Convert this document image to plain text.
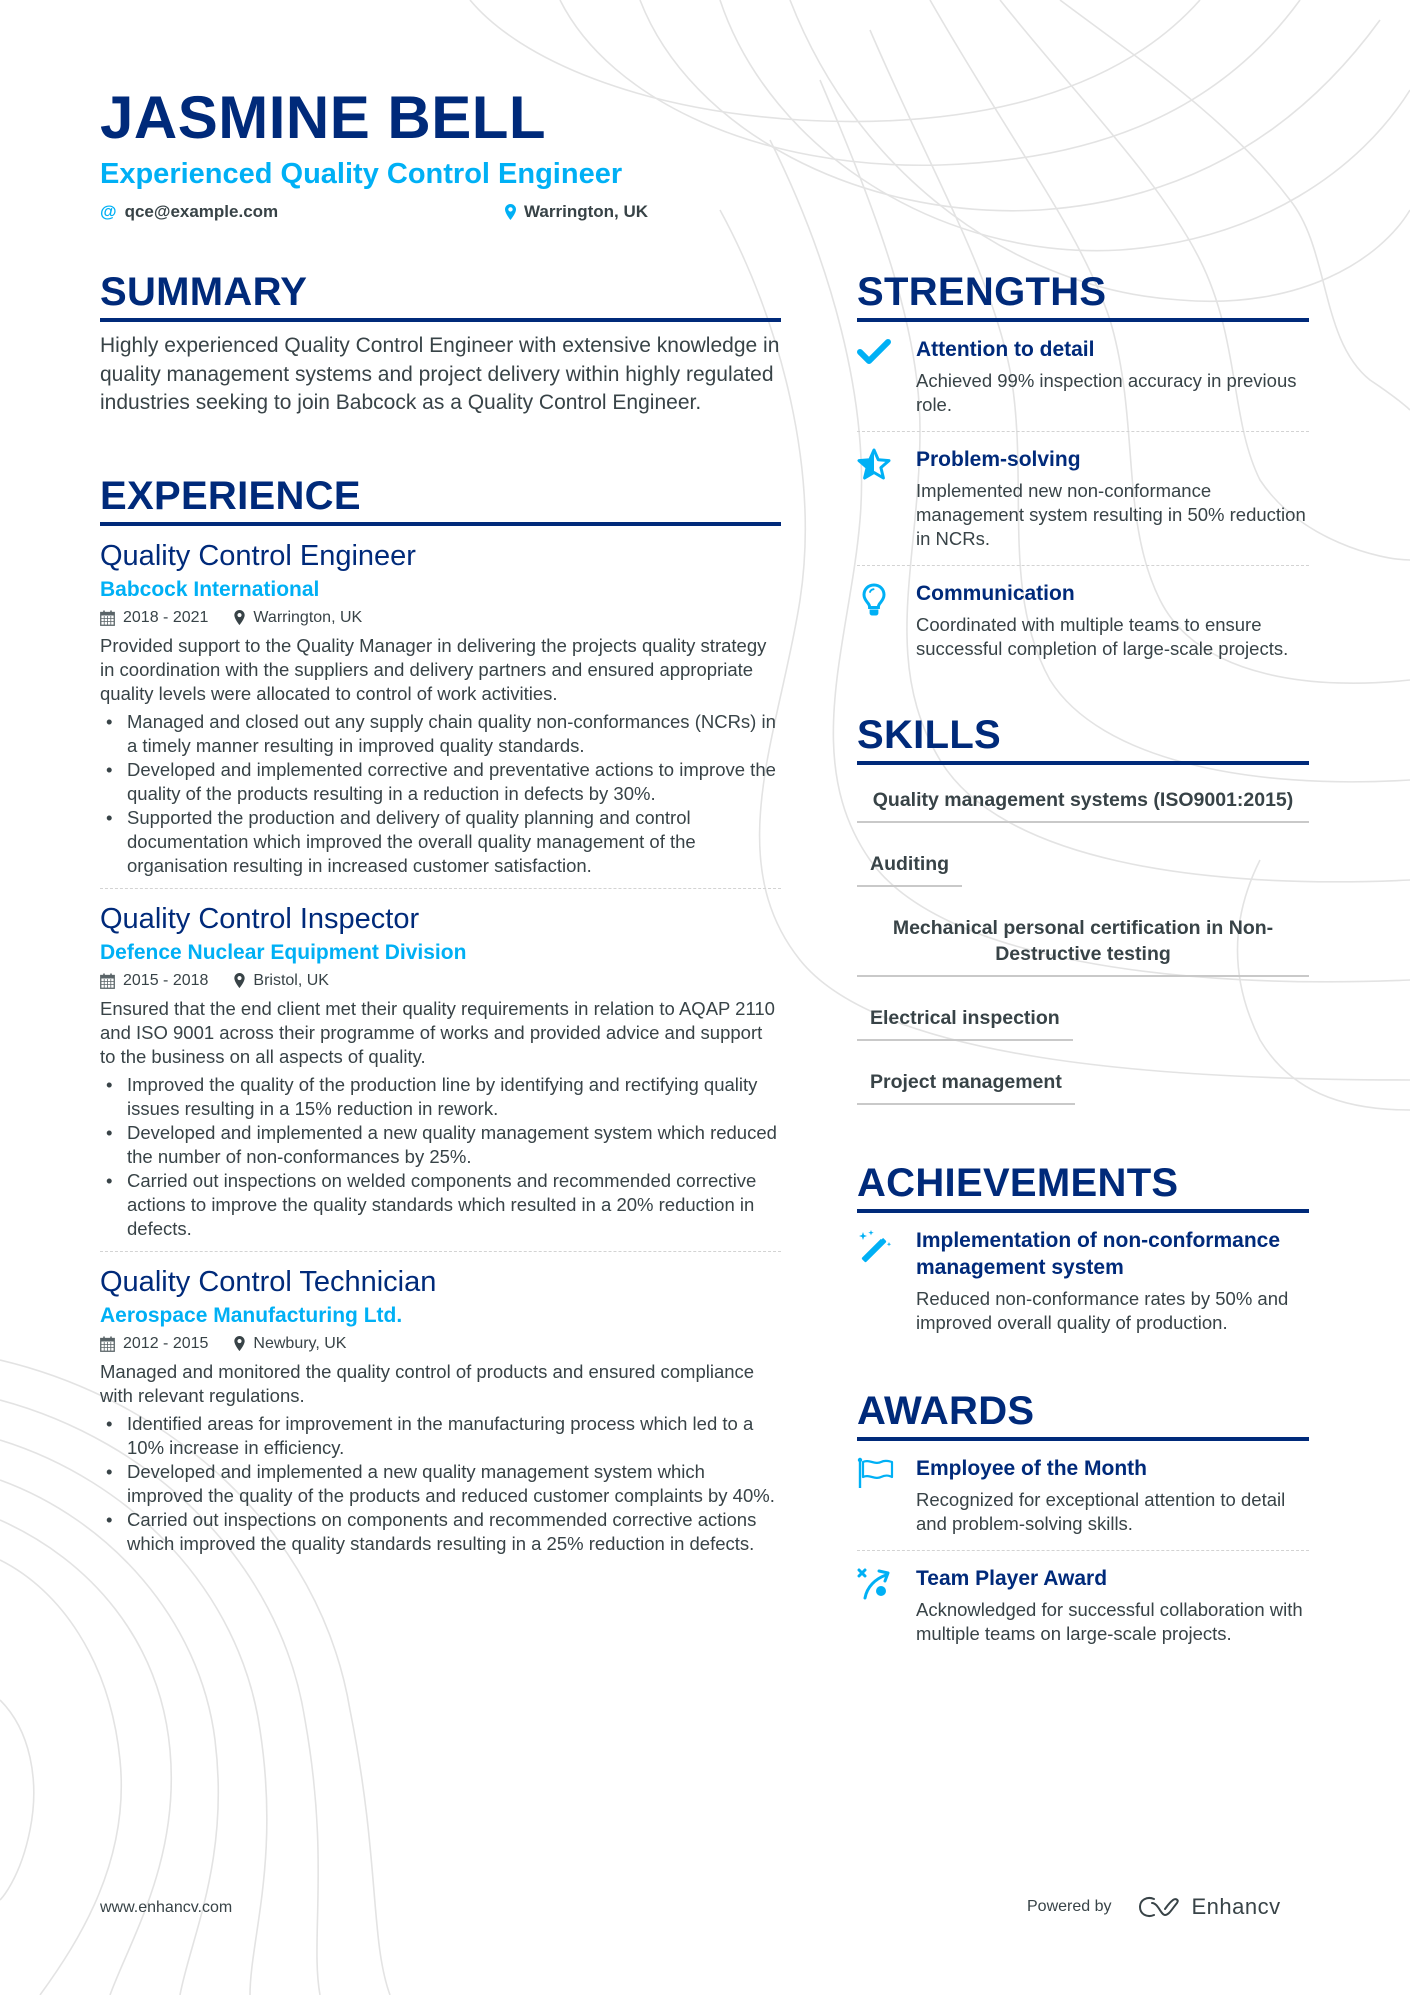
JASMINE BELL
Experienced Quality Control Engineer
@ qce@example.com	Warrington, UK
SUMMARY

Highly experienced Quality Control Engineer with extensive knowledge in quality management systems and project delivery within highly regulated industries seeking to join Babcock as a Quality Control Engineer.

EXPERIENCE
Quality Control Engineer
Babcock International
2018 - 2021	Warrington, UK

Provided support to the Quality Manager in delivering the projects quality strategy in coordination with the suppliers and delivery partners and ensured appropriate quality levels were allocated to control of work activities.

• Managed and closed out any supply chain quality non-conformances (NCRs) in a timely manner resulting in improved quality standards.
• Developed and implemented corrective and preventative actions to improve the quality of the products resulting in a reduction in defects by 30%.
• Supported the production and delivery of quality planning and control documentation which improved the overall quality management of the organisation resulting in increased customer satisfaction.
Quality Control Inspector
Defence Nuclear Equipment Division
2015 - 2018	Bristol, UK

Ensured that the end client met their quality requirements in relation to AQAP 2110 and ISO 9001 across their programme of works and provided advice and support to the business on all aspects of quality.

• Improved the quality of the production line by identifying and rectifying quality issues resulting in a 15% reduction in rework.
• Developed and implemented a new quality management system which reduced the number of non-conformances by 25%.
• Carried out inspections on welded components and recommended corrective actions to improve the quality standards which resulted in a 20% reduction in defects.
Quality Control Technician
Aerospace Manufacturing Ltd.
2012 - 2015	Newbury, UK

Managed and monitored the quality control of products and ensured compliance with relevant regulations.

• Identified areas for improvement in the manufacturing process which led to a 10% increase in efficiency.
• Developed and implemented a new quality management system which improved the quality of the products and reduced customer complaints by 40%.
• Carried out inspections on components and recommended corrective actions which improved the quality standards resulting in a 25% reduction in defects.
STRENGTHS
Attention to detail
Achieved 99% inspection accuracy in previous role.
Problem-solving
Implemented new non-conformance management system resulting in 50% reduction in NCRs.
Communication
Coordinated with multiple teams to ensure successful completion of large-scale projects.
SKILLS
Quality management systems (ISO9001:2015)
Auditing
Mechanical personal certification in Non-Destructive testing
Electrical inspection
Project management
ACHIEVEMENTS
Implementation of non-conformance management system
Reduced non-conformance rates by 50% and improved overall quality of production.
AWARDS
Employee of the Month
Recognized for exceptional attention to detail and problem-solving skills.
Team Player Award
Acknowledged for successful collaboration with multiple teams on large-scale projects.
www.enhancv.com	Powered by	Enhancv
